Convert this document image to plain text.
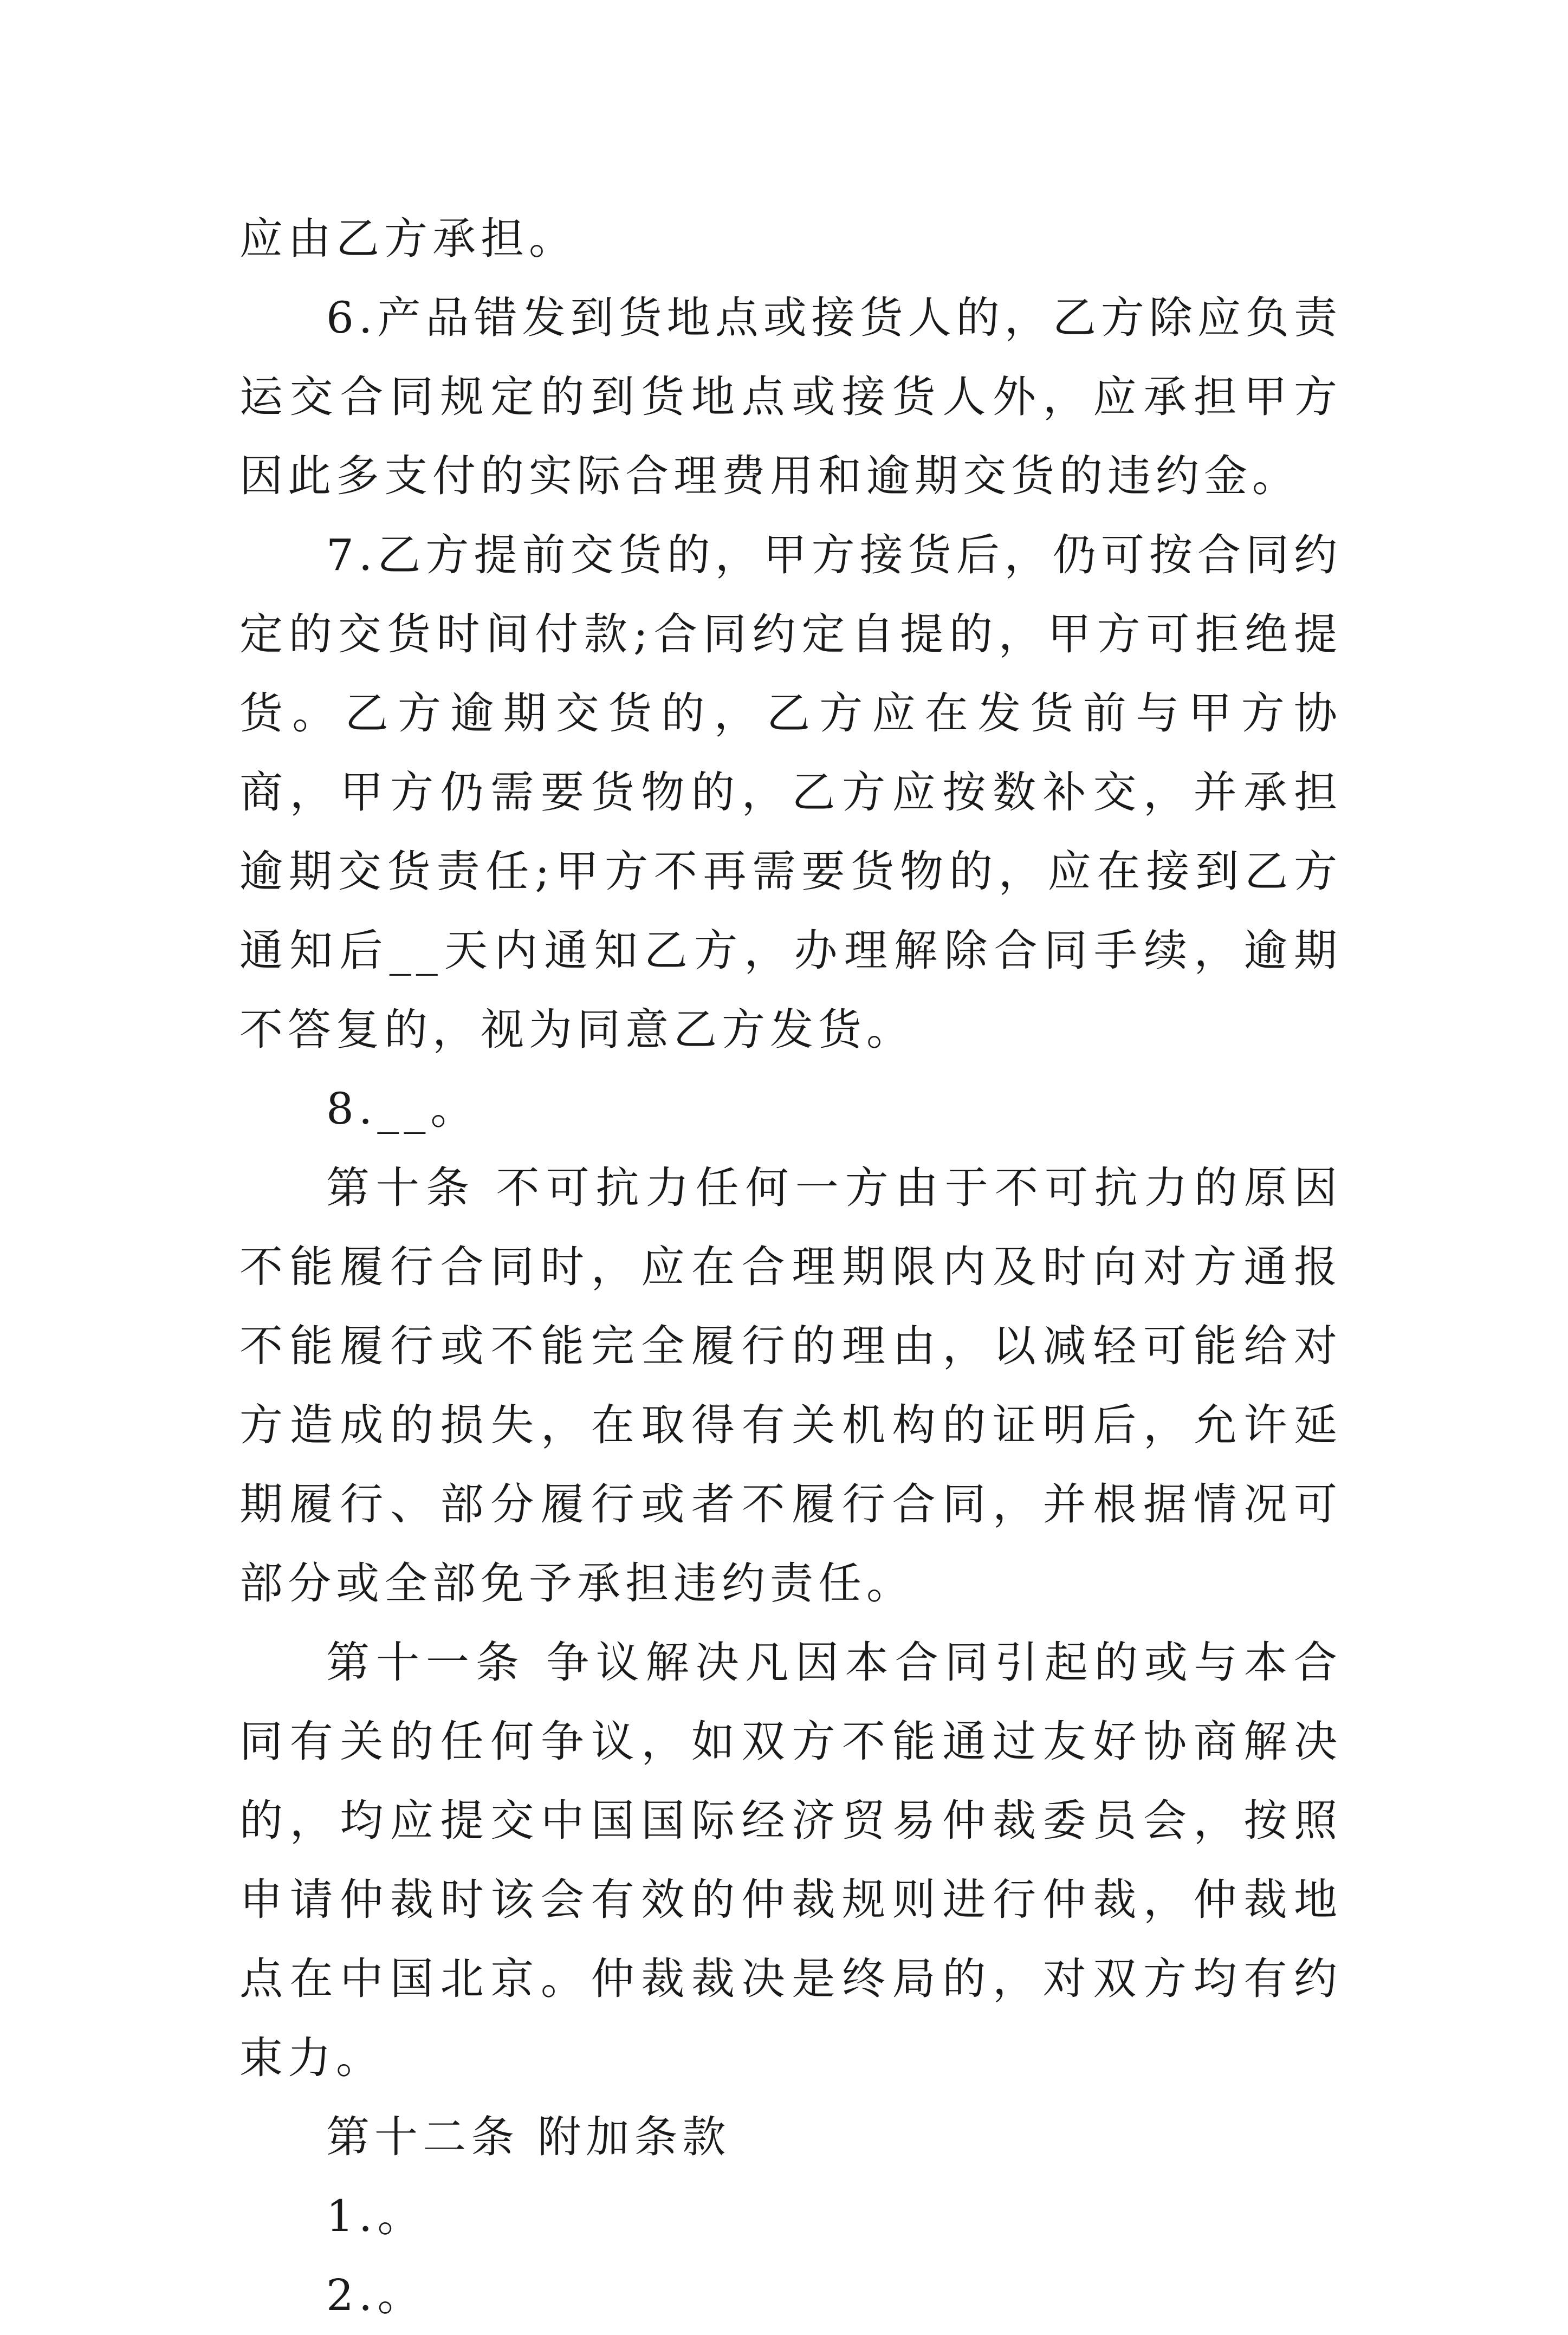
应由乙方承担。

6.产品错发到货地点或接货人的，乙方除应负责运交合同规定的到货地点或接货人外，应承担甲方因此多支付的实际合理费用和逾期交货的违约金。

7.乙方提前交货的，甲方接货后，仍可按合同约定的交货时间付款;合同约定自提的，甲方可拒绝提货。乙方逾期交货的，乙方应在发货前与甲方协商，甲方仍需要货物的，乙方应按数补交，并承担逾期交货责任;甲方不再需要货物的，应在接到乙方通知后__天内通知乙方，办理解除合同手续，逾期不答复的，视为同意乙方发货。

8.__。

第十条 不可抗力任何一方由于不可抗力的原因不能履行合同时，应在合理期限内及时向对方通报不能履行或不能完全履行的理由，以减轻可能给对方造成的损失，在取得有关机构的证明后，允许延期履行、部分履行或者不履行合同，并根据情况可部分或全部免予承担违约责任。

第十一条 争议解决凡因本合同引起的或与本合同有关的任何争议，如双方不能通过友好协商解决的，均应提交中国国际经济贸易仲裁委员会，按照申请仲裁时该会有效的仲裁规则进行仲裁，仲裁地点在中国北京。仲裁裁决是终局的，对双方均有约束力。

第十二条 附加条款

1.。

2.。
